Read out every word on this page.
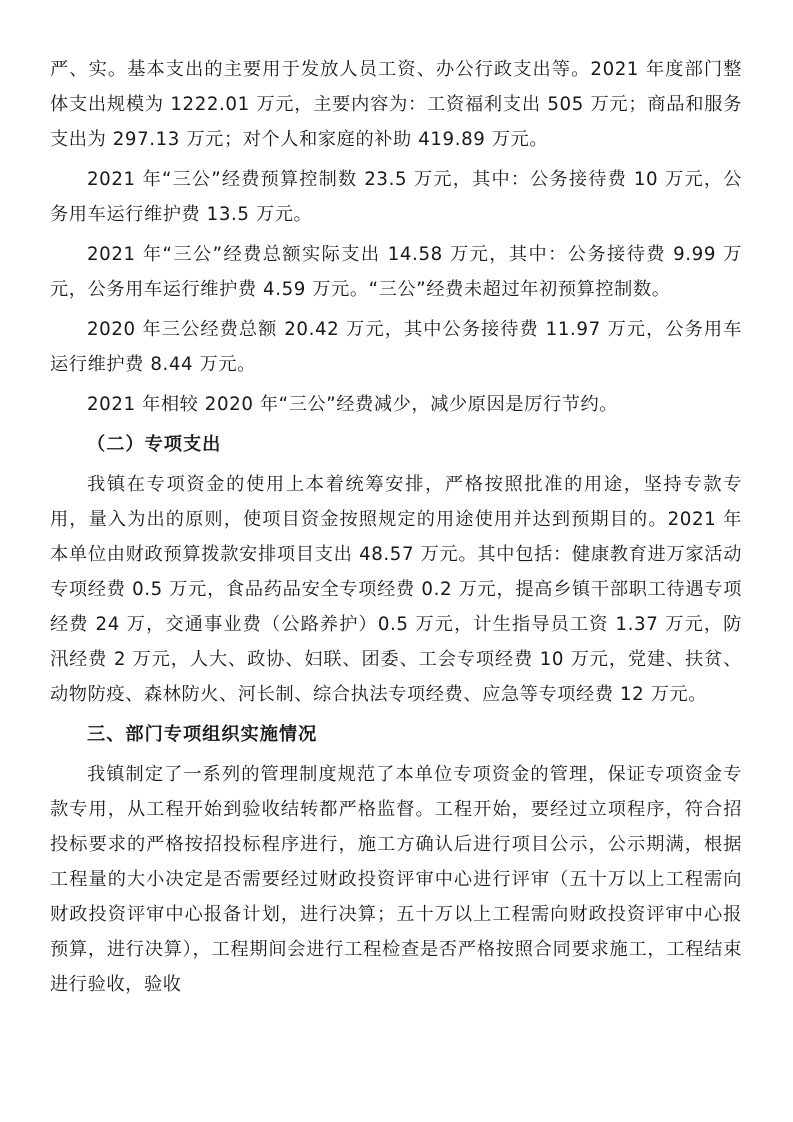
严、实。基本支出的主要用于发放人员工资、办公行政支出等。2021 年度部门整体支出规模为 1222.01 万元，主要内容为：工资福利支出 505 万元；商品和服务支出为 297.13 万元；对个人和家庭的补助 419.89 万元。

2021 年“三公”经费预算控制数 23.5 万元，其中：公务接待费 10 万元，公务用车运行维护费 13.5 万元。

2021 年“三公”经费总额实际支出 14.58 万元，其中：公务接待费 9.99 万元，公务用车运行维护费 4.59 万元。“三公”经费未超过年初预算控制数。

2020 年三公经费总额 20.42 万元，其中公务接待费 11.97 万元，公务用车运行维护费 8.44 万元。

2021 年相较 2020 年“三公”经费减少，减少原因是厉行节约。

（二）专项支出

我镇在专项资金的使用上本着统筹安排，严格按照批准的用途，坚持专款专用，量入为出的原则，使项目资金按照规定的用途使用并达到预期目的。2021 年本单位由财政预算拨款安排项目支出 48.57 万元。其中包括：健康教育进万家活动专项经费 0.5 万元，食品药品安全专项经费 0.2 万元，提高乡镇干部职工待遇专项经费 24 万，交通事业费（公路养护）0.5 万元，计生指导员工资 1.37 万元，防汛经费 2 万元，人大、政协、妇联、团委、工会专项经费 10 万元，党建、扶贫、动物防疫、森林防火、河长制、综合执法专项经费、应急等专项经费 12 万元。

三、部门专项组织实施情况

我镇制定了一系列的管理制度规范了本单位专项资金的管理，保证专项资金专款专用，从工程开始到验收结转都严格监督。工程开始，要经过立项程序，符合招投标要求的严格按招投标程序进行，施工方确认后进行项目公示，公示期满，根据工程量的大小决定是否需要经过财政投资评审中心进行评审（五十万以上工程需向财政投资评审中心报备计划，进行决算；五十万以上工程需向财政投资评审中心报预算，进行决算），工程期间会进行工程检查是否严格按照合同要求施工，工程结束进行验收，验收
